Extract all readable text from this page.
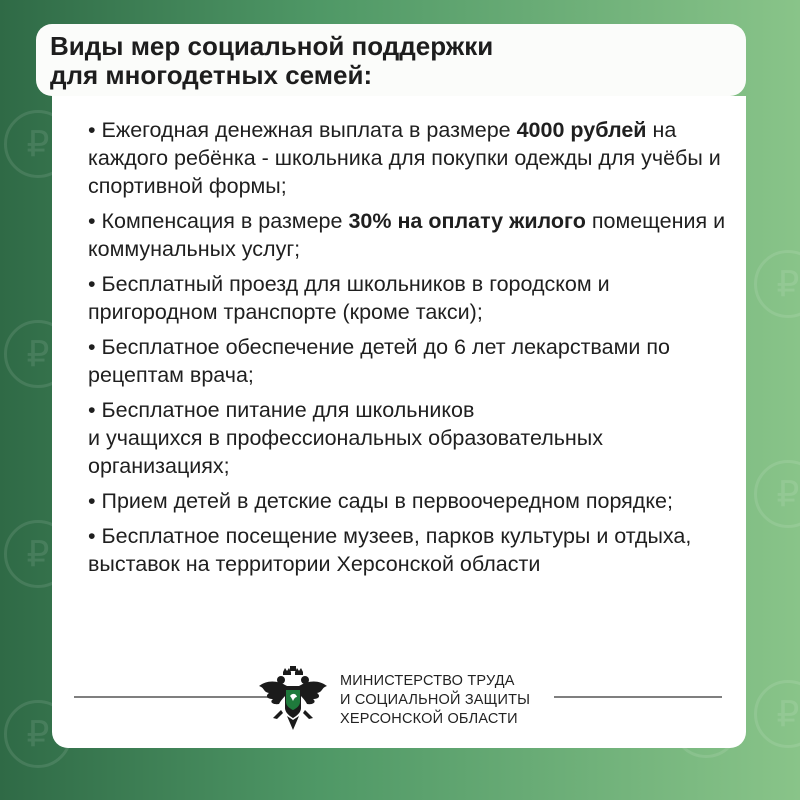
₽
₽
₽
₽
₽
₽
₽
• Ежегодная денежная выплата в размере 4000 рублей на каждого ребёнка - школьника для покупки одежды для учёбы и спортивной формы;
• Компенсация в размере 30% на оплату жилого помещения и коммунальных услуг;
• Бесплатный проезд для школьников в городском и пригородном транспорте (кроме такси);
• Бесплатное обеспечение детей до 6 лет лекарствами по рецептам врача;
• Бесплатное питание для школьников
и учащихся в профессиональных образовательных организациях;
• Прием детей в детские сады в первоочередном порядке;
• Бесплатное посещение музеев, парков культуры и отдыха, выставок на территории Херсонской области
МИНИСТЕРСТВО ТРУДА
И СОЦИАЛЬНОЙ ЗАЩИТЫ
ХЕРСОНСКОЙ ОБЛАСТИ
Виды мер социальной поддержки
для многодетных семей:
